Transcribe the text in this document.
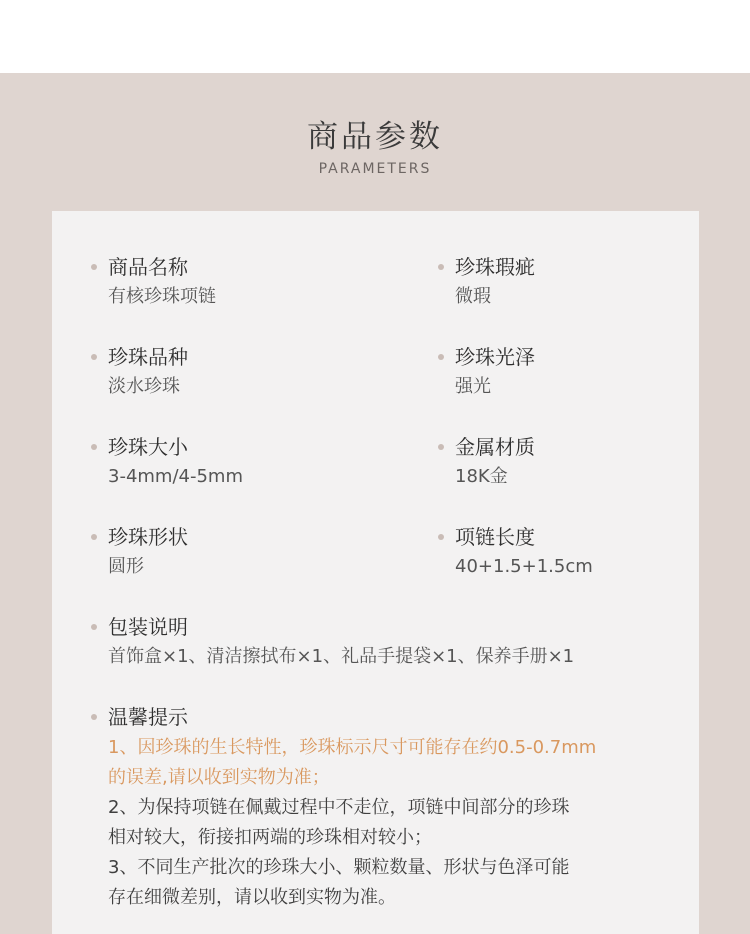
商品参数
PARAMETERS
商品名称
有核珍珠项链
珍珠瑕疵
微瑕
珍珠品种
淡水珍珠
珍珠光泽
强光
珍珠大小
3-4mm/4-5mm
金属材质
18K金
珍珠形状
圆形
项链长度
40+1.5+1.5cm
包装说明
首饰盒×1、清洁擦拭布×1、礼品手提袋×1、保养手册×1
温馨提示
1、因珍珠的生长特性，珍珠标示尺寸可能存在约0.5-0.7mm
的误差,请以收到实物为准；
2、为保持项链在佩戴过程中不走位，项链中间部分的珍珠
相对较大，衔接扣两端的珍珠相对较小；
3、不同生产批次的珍珠大小、颗粒数量、形状与色泽可能
存在细微差别，请以收到实物为准。
